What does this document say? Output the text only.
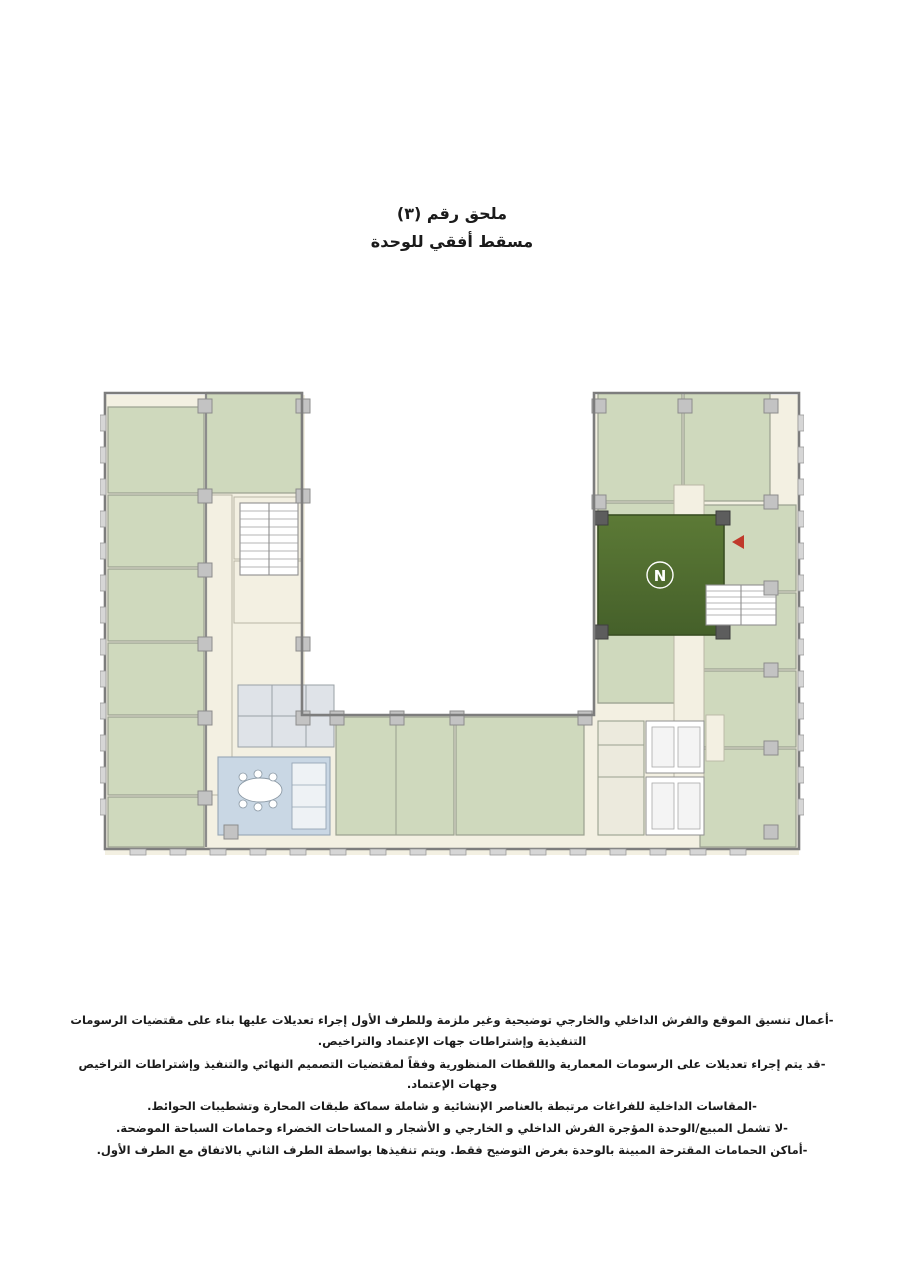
ملحق رقم (٣)
مسقط أفقي للوحدة
N

-أعمال تنسيق الموقع والفرش الداخلي والخارجي توضيحية وغير ملزمة وللطرف الأول إجراء تعديلات عليها بناء على مقتضيات الرسومات التنفيذية وإشتراطات جهات الإعتماد والتراخيص.

-قد يتم إجراء تعديلات على الرسومات المعمارية واللقطات المنظورية وفقاً لمقتضيات التصميم النهائي والتنفيذ وإشتراطات التراخيص وجهات الإعتماد.

-المقاسات الداخلية للفراغات مرتبطة بالعناصر الإنشائية و شاملة سماكة طبقات المحارة وتشطيبات الحوائط.

-لا تشمل المبيع/الوحدة المؤجرة الفرش الداخلي و الخارجي و الأشجار و المساحات الخضراء وحمامات السباحة الموضحة.

-أماكن الحمامات المقترحة المبينة بالوحدة بغرض التوضيح فقط. ويتم تنفيذها بواسطة الطرف الثاني بالاتفاق مع الطرف الأول.
